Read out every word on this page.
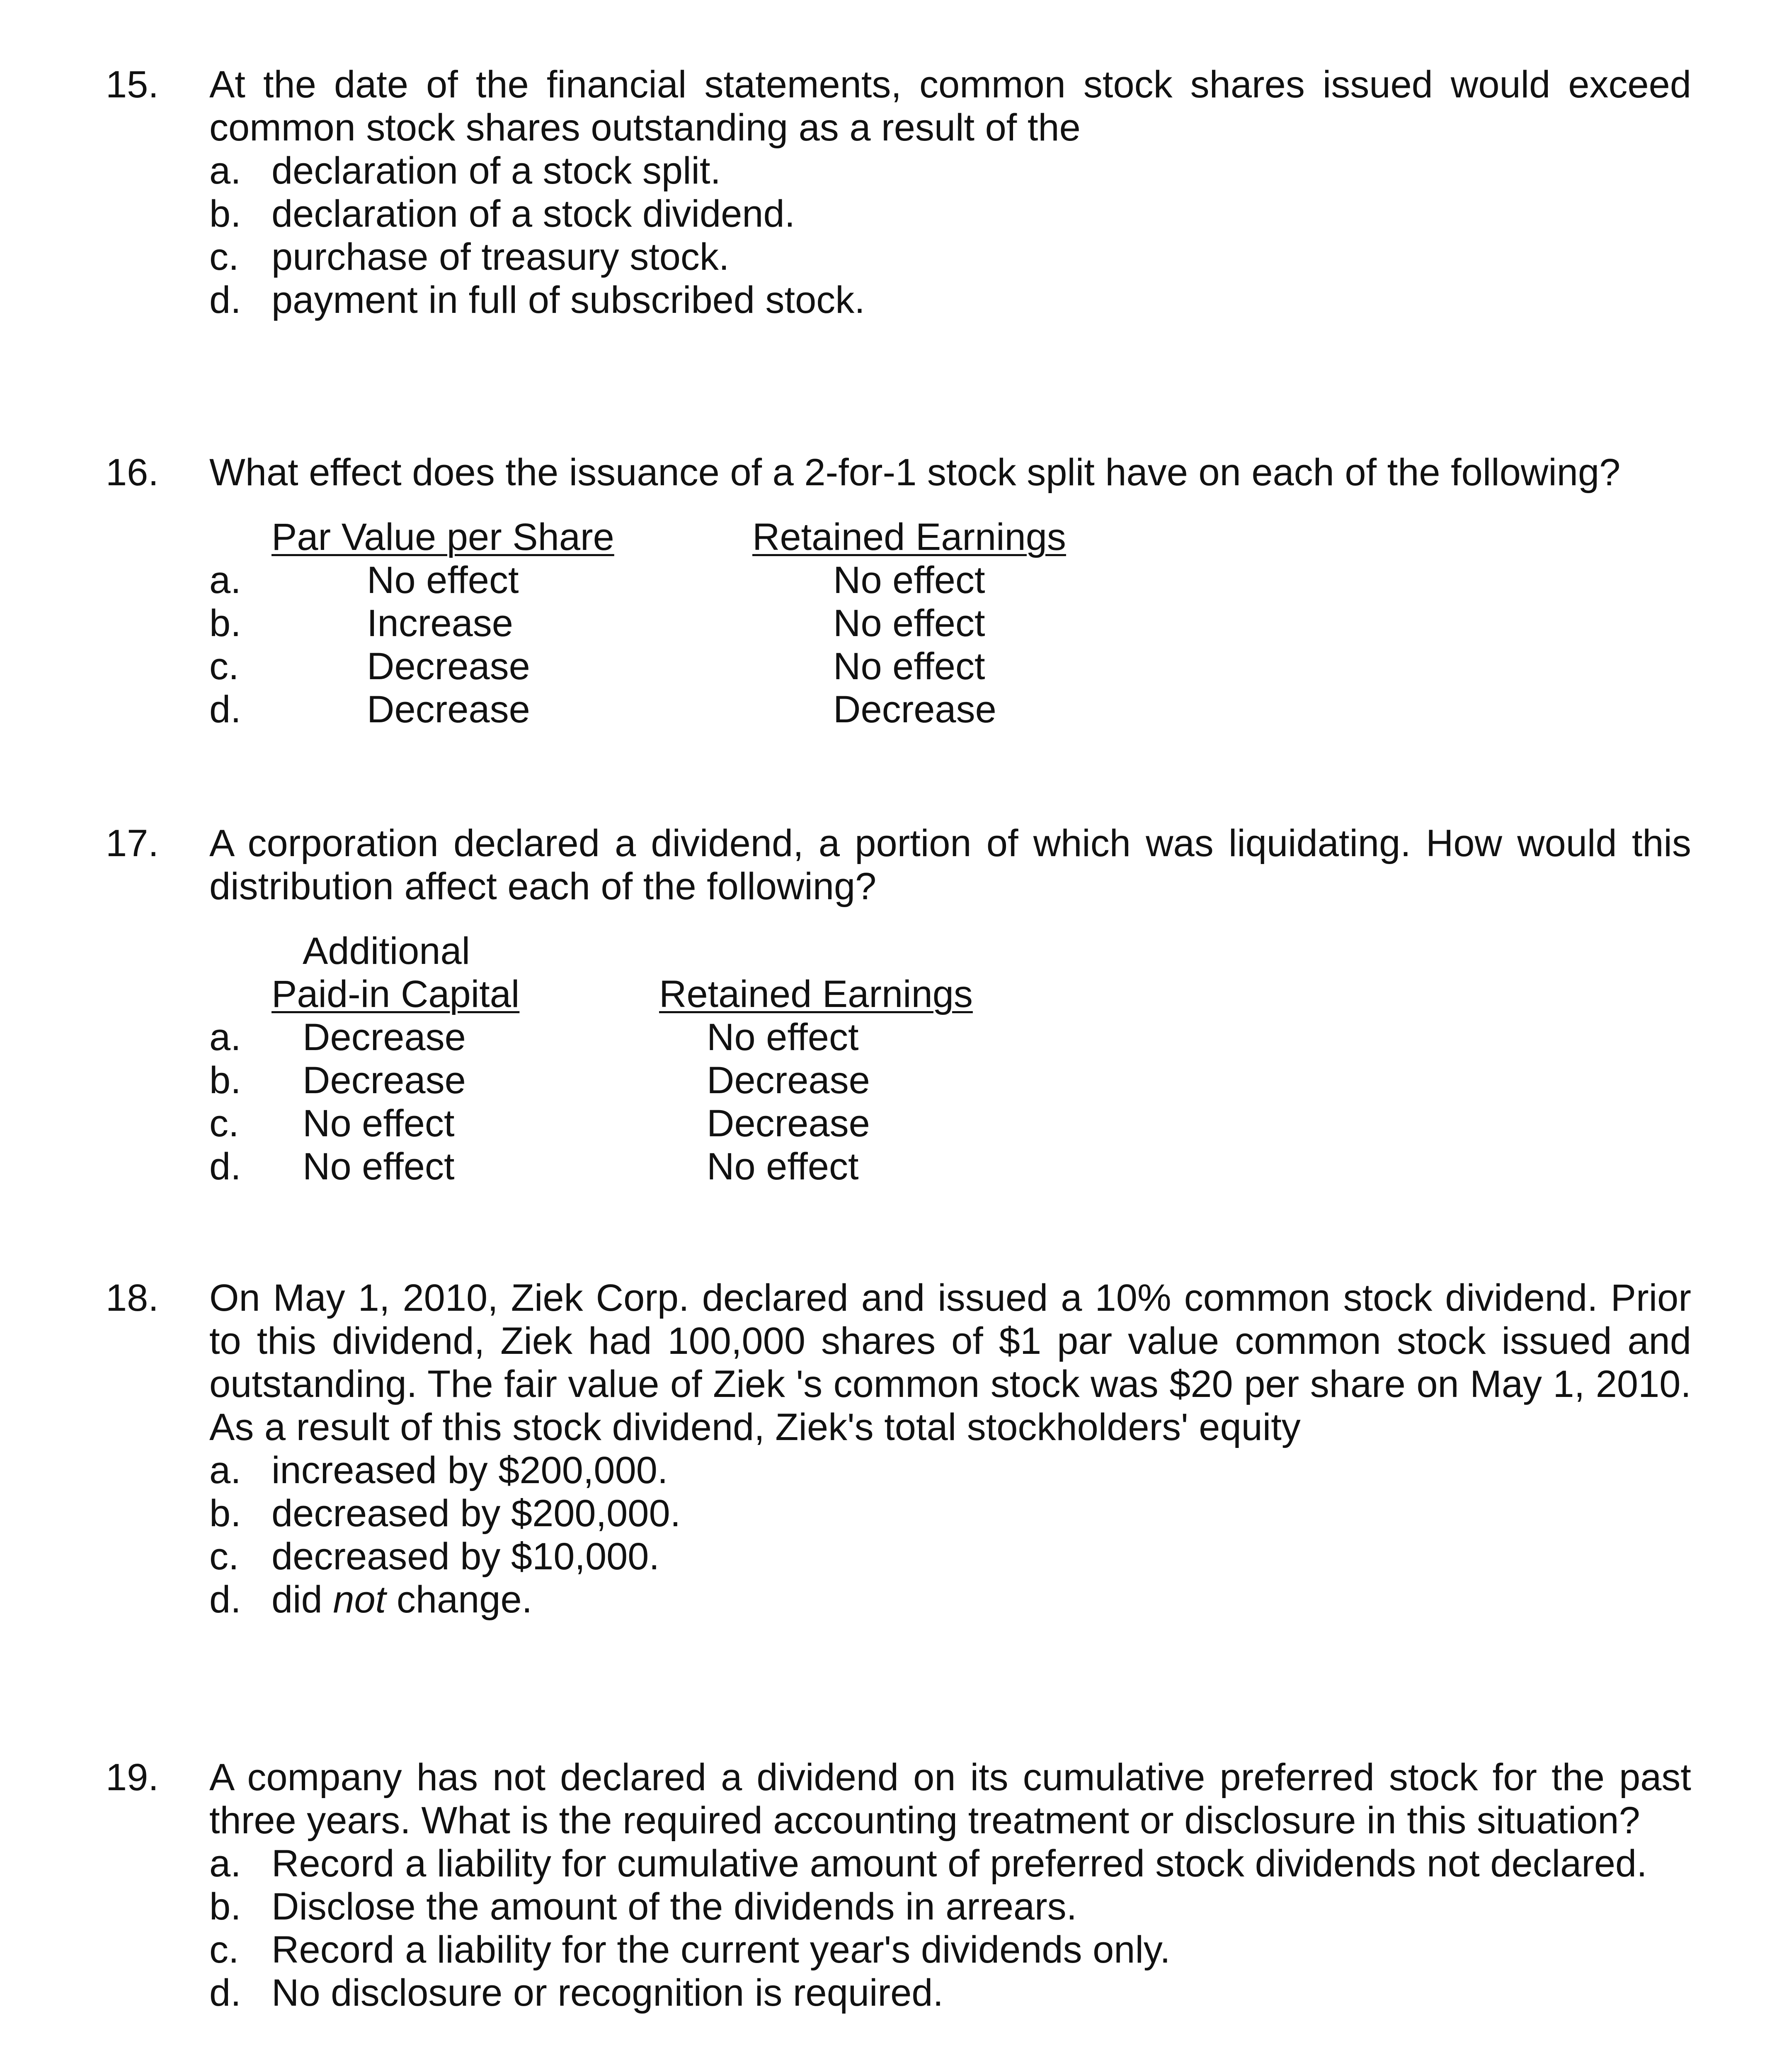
15. At the date of the financial statements, common stock shares issued would exceed common stock shares outstanding as a result of the
a. declaration of a stock split.
b. declaration of a stock dividend.
c. purchase of treasury stock.
d. payment in full of subscribed stock.
16. What effect does the issuance of a 2-for-1 stock split have on each of the following?
Par Value per Share	Retained Earnings
a.	No effect	No effect
b.	Increase	No effect
c.	Decrease	No effect
d.	Decrease	Decrease
17. A corporation declared a dividend, a portion of which was liquidating. How would this distribution affect each of the following?
Additional
Paid-in Capital	Retained Earnings
a. Decrease	No effect
b. Decrease	Decrease
c. No effect	Decrease
d. No effect	No effect
18. On May 1, 2010, Ziek Corp. declared and issued a 10% common stock dividend. Prior to this dividend, Ziek had 100,000 shares of $1 par value common stock issued and outstanding. The fair value of Ziek 's common stock was $20 per share on May 1, 2010. As a result of this stock dividend, Ziek's total stockholders' equity
a. increased by $200,000.
b. decreased by $200,000.
c. decreased by $10,000.
d. did not change.
19. A company has not declared a dividend on its cumulative preferred stock for the past three years. What is the required accounting treatment or disclosure in this situation?
a. Record a liability for cumulative amount of preferred stock dividends not declared.
b. Disclose the amount of the dividends in arrears.
c. Record a liability for the current year's dividends only.
d. No disclosure or recognition is required.
